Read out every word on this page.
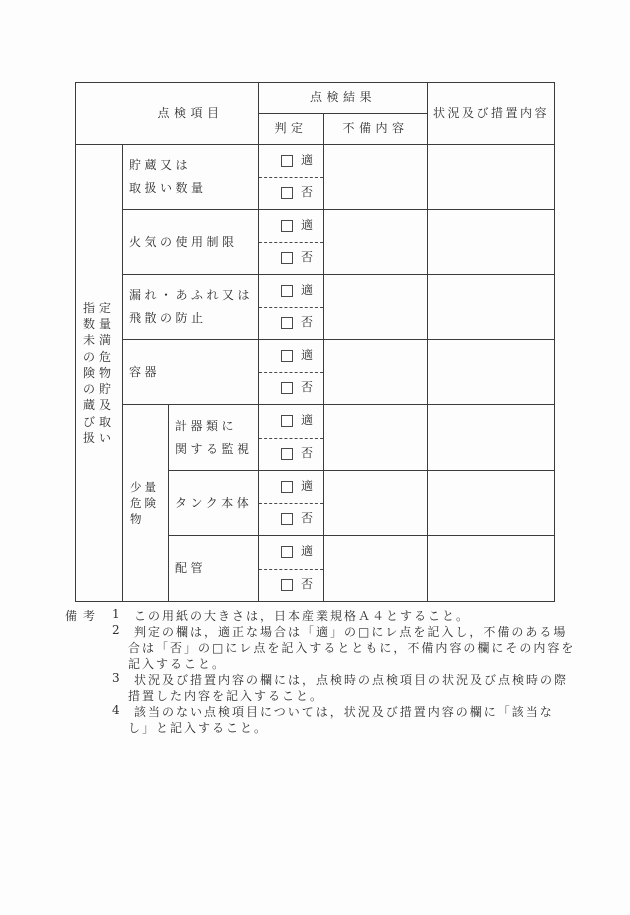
点検項目
点検結果
判定	不備内容
状況及び措置内容
指定
数量
未満
の危
険物
の貯
蔵及
び取
扱い
貯蔵又は
取扱い数量
火気の使用制限
漏れ・あふれ又は
飛散の防止
容器
少量
危険
物
計器類に
関する監視
タンク本体
配管
適
否
適
否
適
否
適
否
適
否
適
否
適
否
備考 1 この用紙の大きさは，日本産業規格Ａ４とすること。
2 判定の欄は，適正な場合は「適」の□にレ点を記入し，不備のある場
合は「否」の□にレ点を記入するとともに，不備内容の欄にその内容を
記入すること。
3 状況及び措置内容の欄には，点検時の点検項目の状況及び点検時の際
措置した内容を記入すること。
4 該当のない点検項目については，状況及び措置内容の欄に「該当な
し」と記入すること。
